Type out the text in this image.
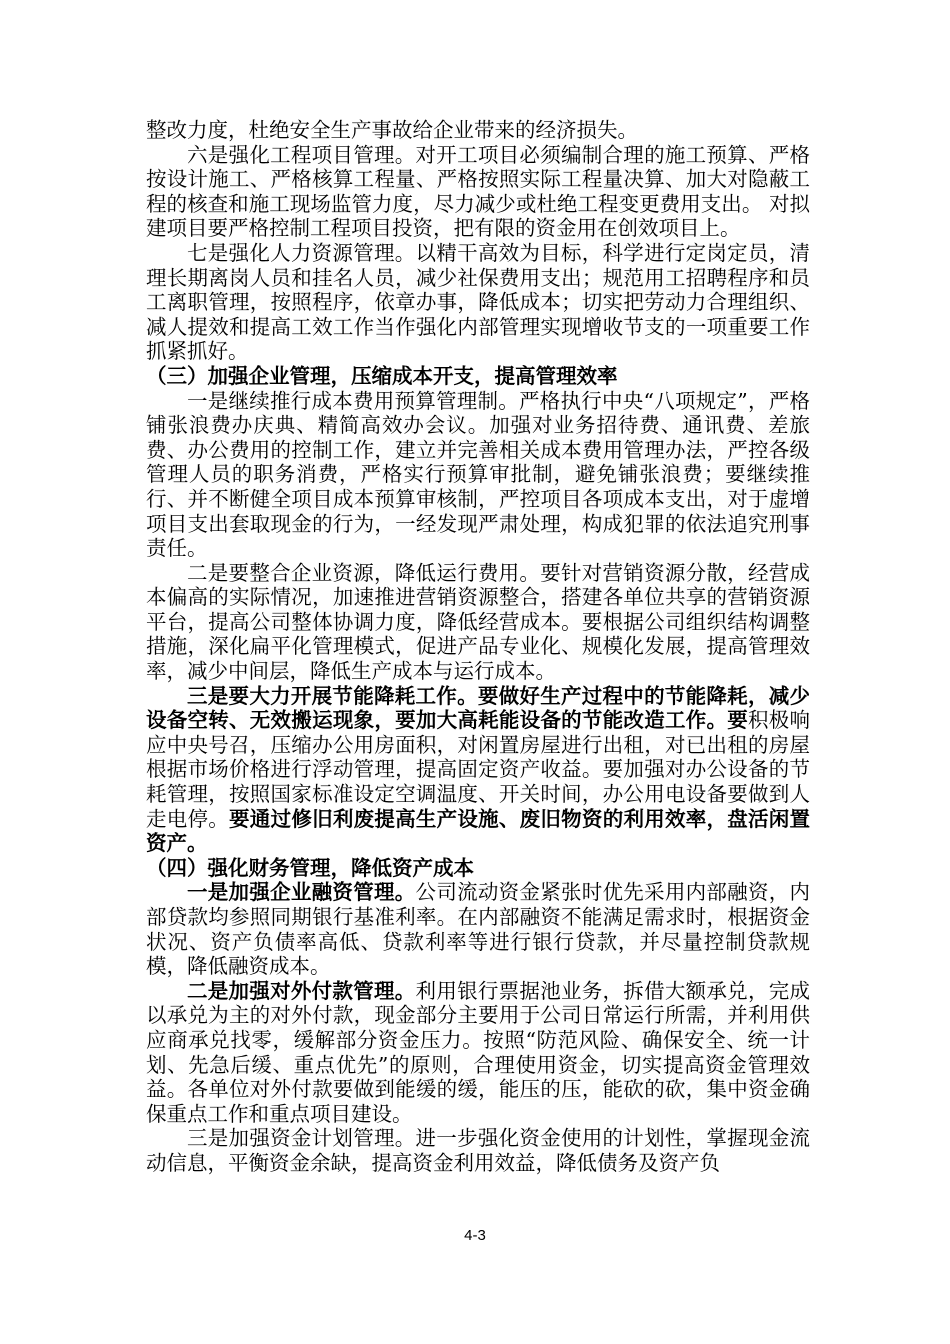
整改力度，杜绝安全生产事故给企业带来的经济损失。

六是强化工程项目管理。对开工项目必须编制合理的施工预算、严格按设计施工、严格核算工程量、严格按照实际工程量决算、加大对隐蔽工程的核查和施工现场监管力度，尽力减少或杜绝工程变更费用支出。 对拟建项目要严格控制工程项目投资，把有限的资金用在创效项目上。

七是强化人力资源管理。以精干高效为目标，科学进行定岗定员，清理长期离岗人员和挂名人员，减少社保费用支出；规范用工招聘程序和员工离职管理，按照程序，依章办事，降低成本；切实把劳动力合理组织、减人提效和提高工效工作当作强化内部管理实现增收节支的一项重要工作抓紧抓好。

（三）加强企业管理，压缩成本开支，提高管理效率

一是继续推行成本费用预算管理制。严格执行中央“八项规定”，严格铺张浪费办庆典、精简高效办会议。加强对业务招待费、通讯费、差旅费、办公费用的控制工作，建立并完善相关成本费用管理办法，严控各级管理人员的职务消费，严格实行预算审批制，避免铺张浪费；要继续推行、并不断健全项目成本预算审核制，严控项目各项成本支出，对于虚增项目支出套取现金的行为，一经发现严肃处理，构成犯罪的依法追究刑事责任。

二是要整合企业资源，降低运行费用。要针对营销资源分散，经营成本偏高的实际情况，加速推进营销资源整合，搭建各单位共享的营销资源平台，提高公司整体协调力度，降低经营成本。要根据公司组织结构调整措施，深化扁平化管理模式，促进产品专业化、规模化发展，提高管理效率，减少中间层，降低生产成本与运行成本。

三是要大力开展节能降耗工作。要做好生产过程中的节能降耗，减少设备空转、无效搬运现象，要加大高耗能设备的节能改造工作。要积极响应中央号召，压缩办公用房面积，对闲置房屋进行出租，对已出租的房屋根据市场价格进行浮动管理，提高固定资产收益。要加强对办公设备的节耗管理，按照国家标准设定空调温度、开关时间，办公用电设备要做到人走电停。要通过修旧利废提高生产设施、废旧物资的利用效率，盘活闲置资产。

（四）强化财务管理，降低资产成本

一是加强企业融资管理。公司流动资金紧张时优先采用内部融资，内部贷款均参照同期银行基准利率。在内部融资不能满足需求时，根据资金状况、资产负债率高低、贷款利率等进行银行贷款，并尽量控制贷款规模，降低融资成本。

二是加强对外付款管理。利用银行票据池业务，拆借大额承兑，完成以承兑为主的对外付款，现金部分主要用于公司日常运行所需，并利用供应商承兑找零，缓解部分资金压力。按照“防范风险、确保安全、统一计划、先急后缓、重点优先”的原则，合理使用资金，切实提高资金管理效益。各单位对外付款要做到能缓的缓，能压的压，能砍的砍，集中资金确保重点工作和重点项目建设。

三是加强资金计划管理。进一步强化资金使用的计划性，掌握现金流动信息，平衡资金余缺，提高资金利用效益，降低债务及资产负

4-3
